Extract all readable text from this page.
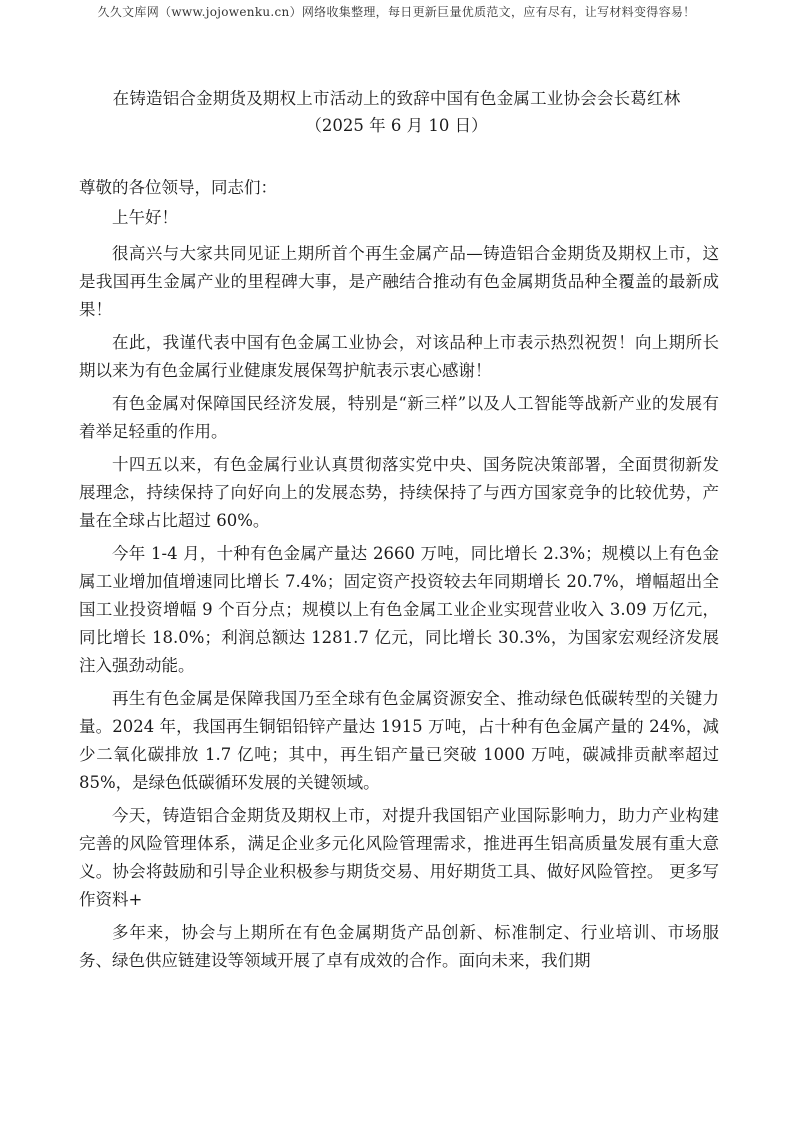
久久文库网（www.jojowenku.cn）网络收集整理，每日更新巨量优质范文，应有尽有，让写材料变得容易！

在铸造铝合金期货及期权上市活动上的致辞中国有色金属工业协会会长葛红林

（2025 年 6 月 10 日）

尊敬的各位领导，同志们：

上午好！

很高兴与大家共同见证上期所首个再生金属产品—铸造铝合金期货及期权上市，这是我国再生金属产业的里程碑大事，是产融结合推动有色金属期货品种全覆盖的最新成果！

在此，我谨代表中国有色金属工业协会，对该品种上市表示热烈祝贺！向上期所长期以来为有色金属行业健康发展保驾护航表示衷心感谢！

有色金属对保障国民经济发展，特别是“新三样”以及人工智能等战新产业的发展有着举足轻重的作用。

十四五以来，有色金属行业认真贯彻落实党中央、国务院决策部署，全面贯彻新发展理念，持续保持了向好向上的发展态势，持续保持了与西方国家竞争的比较优势，产量在全球占比超过 60%。

今年 1-4 月，十种有色金属产量达 2660 万吨，同比增长 2.3%；规模以上有色金属工业增加值增速同比增长 7.4%；固定资产投资较去年同期增长 20.7%，增幅超出全国工业投资增幅 9 个百分点；规模以上有色金属工业企业实现营业收入 3.09 万亿元，同比增长 18.0%；利润总额达 1281.7 亿元，同比增长 30.3%，为国家宏观经济发展注入强劲动能。

再生有色金属是保障我国乃至全球有色金属资源安全、推动绿色低碳转型的关键力量。2024 年，我国再生铜铝铅锌产量达 1915 万吨，占十种有色金属产量的 24%，减少二氧化碳排放 1.7 亿吨；其中，再生铝产量已突破 1000 万吨，碳减排贡献率超过 85%，是绿色低碳循环发展的关键领域。

今天，铸造铝合金期货及期权上市，对提升我国铝产业国际影响力，助力产业构建完善的风险管理体系，满足企业多元化风险管理需求，推进再生铝高质量发展有重大意义。协会将鼓励和引导企业积极参与期货交易、用好期货工具、做好风险管控。 更多写 作资料+

多年来，协会与上期所在有色金属期货产品创新、标准制定、行业培训、市场服务、绿色供应链建设等领域开展了卓有成效的合作。面向未来，我们期
